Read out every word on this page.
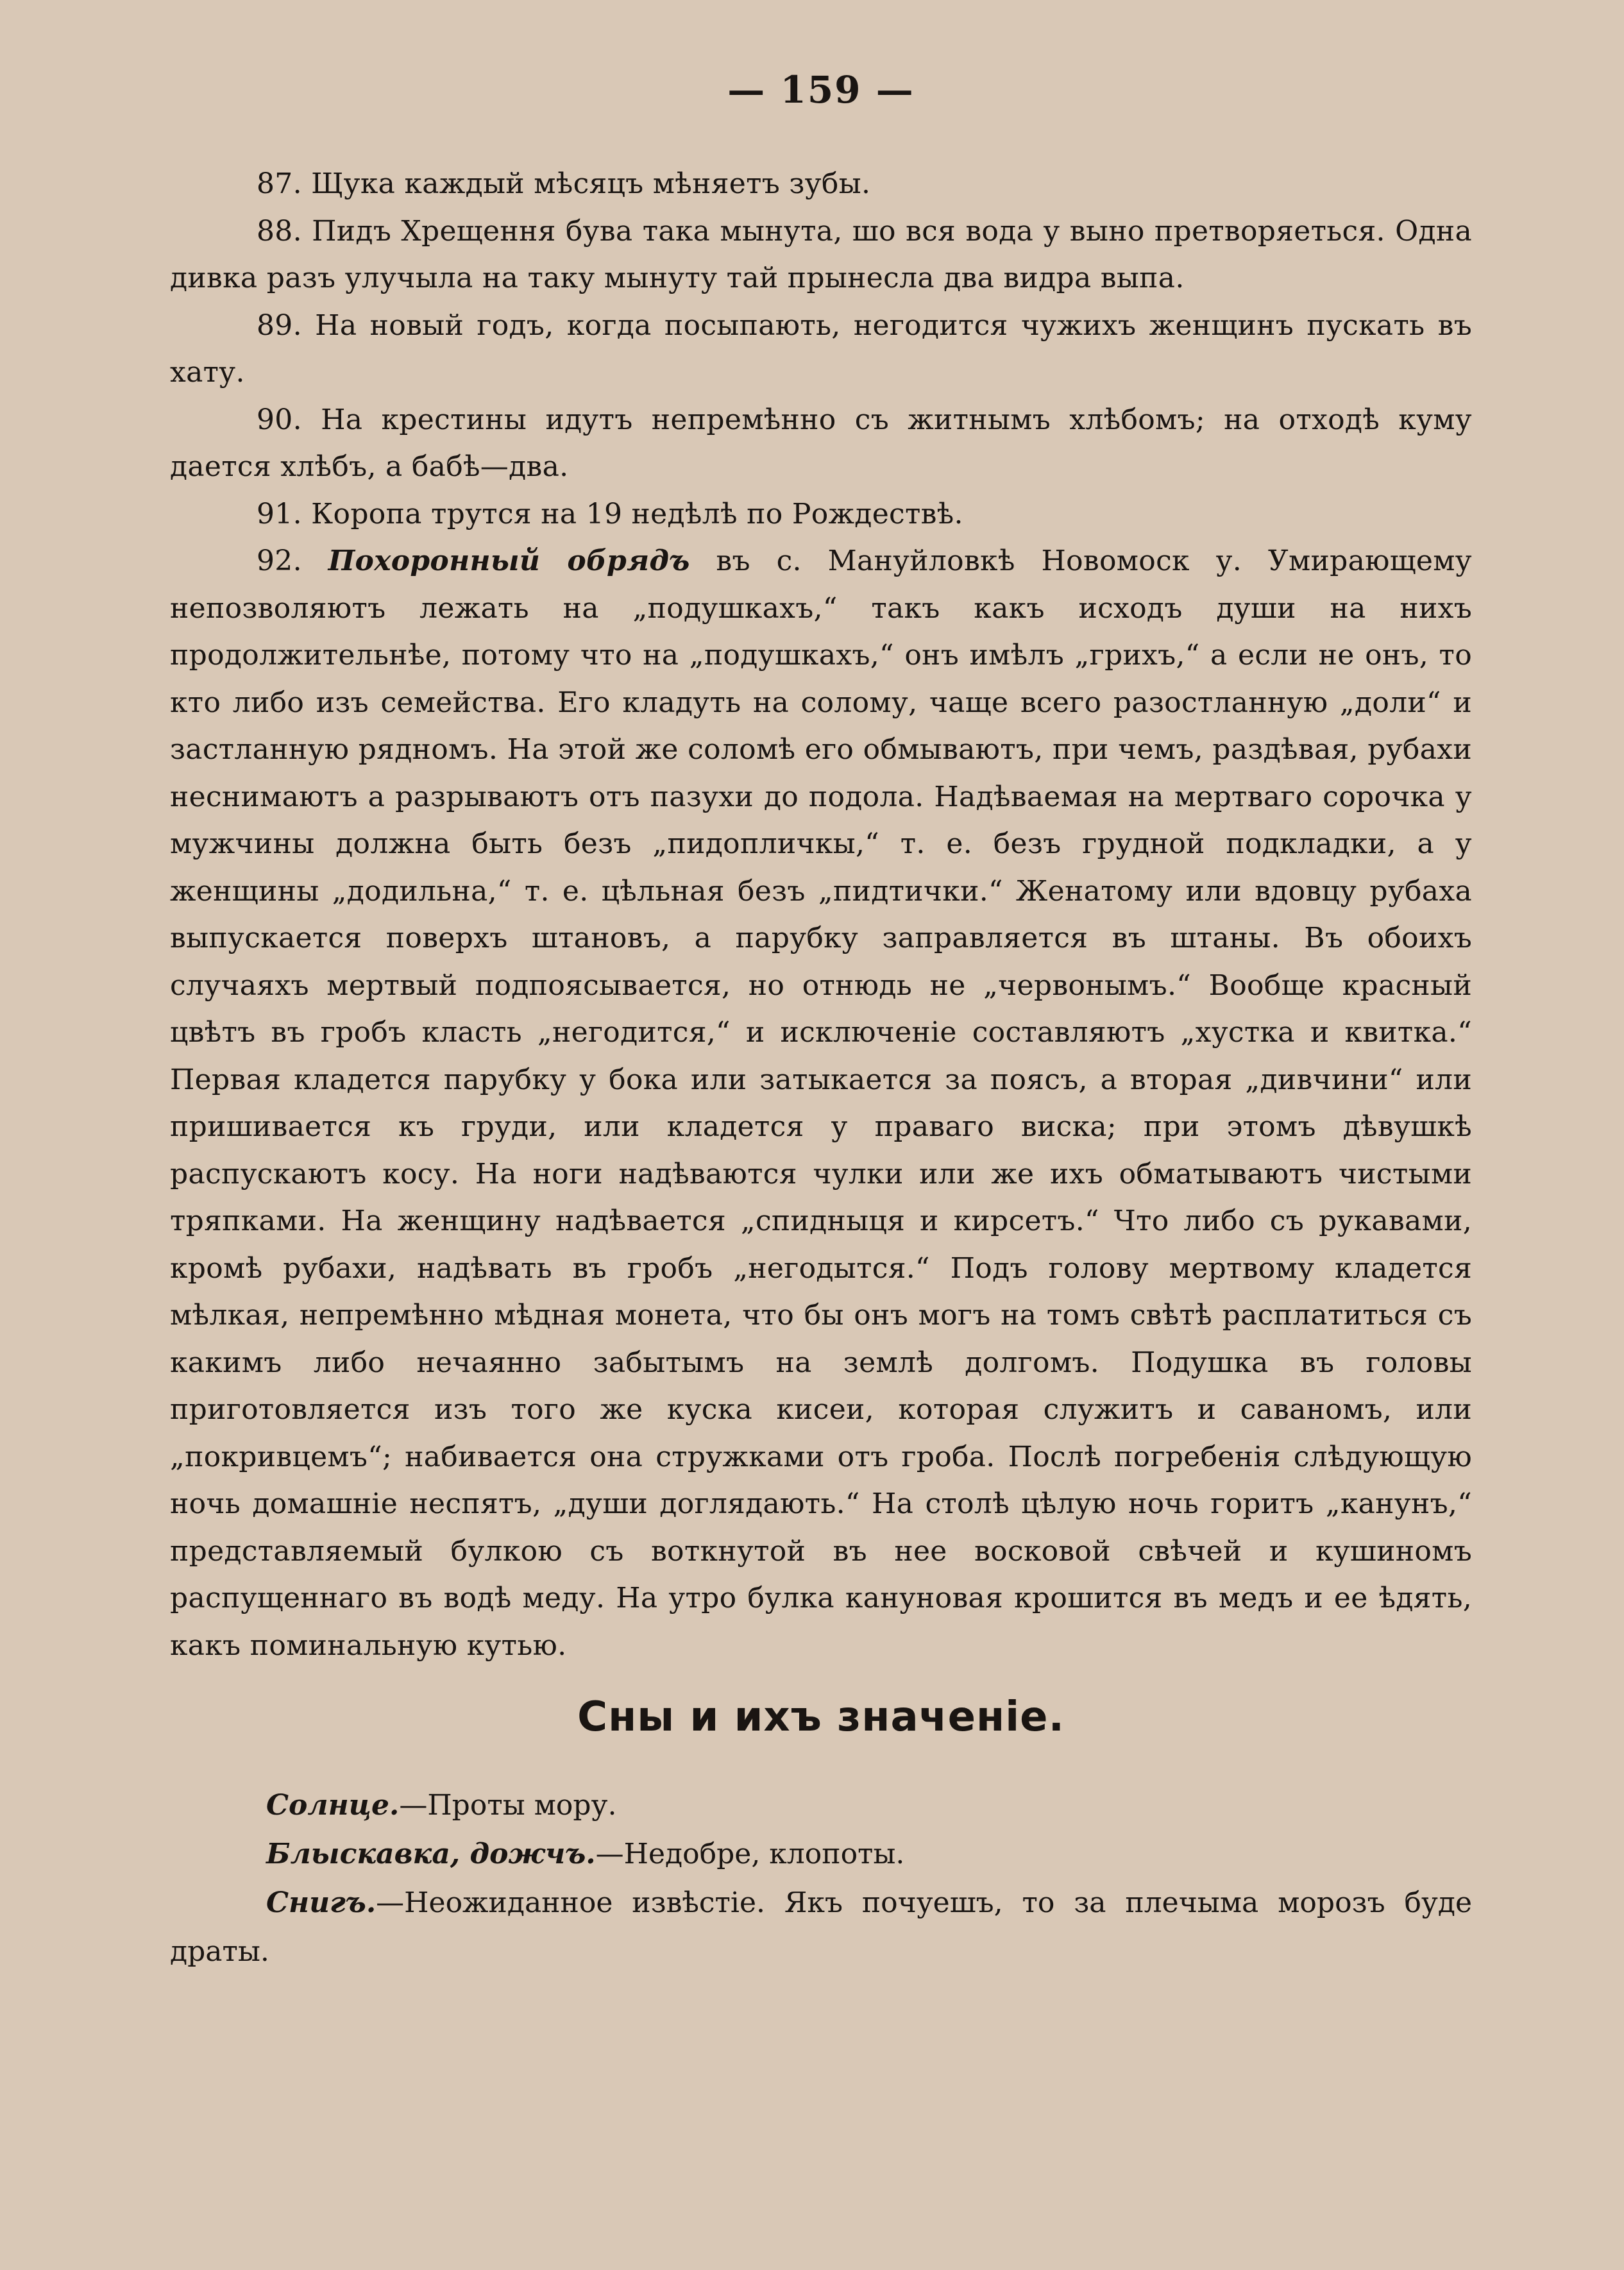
— 159 —

87. Щука каждый мѣсяцъ мѣняетъ зубы.

88. Пидъ Хрещення бува така мынута, шо вся вода у выно претворяеться. Одна дивка разъ улучыла на таку мынуту тай прынесла два видра выпа.

89. На новый годъ, когда посыпають, негодится чужихъ женщинъ пускать въ хату.

90. На крестины идутъ непремѣнно съ житнымъ хлѣбомъ; на отходѣ куму дается хлѣбъ, а бабѣ—два.

91. Коропа трутся на 19 недѣлѣ по Рождествѣ.

92. Похоронный обрядъ въ с. Мануйловкѣ Новомоск у. Умирающему непозволяютъ лежать на „подушкахъ,“ такъ какъ исходъ души на нихъ продолжительнѣе, потому что на „подушкахъ,“ онъ имѣлъ „грихъ,“ а если не онъ, то кто либо изъ семейства. Его кладуть на солому, чаще всего разостланную „доли“ и застланную рядномъ. На этой же соломѣ его обмываютъ, при чемъ, раздѣвая, рубахи неснимаютъ а разрываютъ отъ пазухи до подола. Надѣваемая на мертваго сорочка у мужчины должна быть безъ „пидопличкы,“ т. е. безъ грудной подкладки, а у женщины „додильна,“ т. е. цѣльная безъ „пидтички.“ Женатому или вдовцу рубаха выпускается поверхъ штановъ, а парубку заправляется въ штаны. Въ обоихъ случаяхъ мертвый подпоясывается, но отнюдь не „червонымъ.“ Вообще красный цвѣтъ въ гробъ класть „негодится,“ и исключеніе составляютъ „хустка и квитка.“ Первая кладется парубку у бока или затыкается за поясъ, а вторая „дивчини“ или пришивается къ груди, или кладется у праваго виска; при этомъ дѣвушкѣ распускаютъ косу. На ноги надѣваются чулки или же ихъ обматываютъ чистыми тряпками. На женщину надѣвается „спидныця и кирсетъ.“ Что либо съ рукавами, кромѣ рубахи, надѣвать въ гробъ „негодытся.“ Подъ голову мертвому кладется мѣлкая, непремѣнно мѣдная монета, что бы онъ могъ на томъ свѣтѣ расплатиться съ какимъ либо нечаянно забытымъ на землѣ долгомъ. Подушка въ головы приготовляется изъ того же куска кисеи, которая служитъ и саваномъ, или „покривцемъ“; набивается она стружками отъ гроба. Послѣ погребенія слѣдующую ночь домашніе неспятъ, „души доглядають.“ На столѣ цѣлую ночь горитъ „канунъ,“ представляемый булкою съ воткнутой въ нее восковой свѣчей и кушиномъ распущеннаго въ водѣ меду. На утро булка кануновая крошится въ медъ и ее ѣдять, какъ поминальную кутью.

Сны и ихъ значеніе.

Солнце.—Проты мору.

Блыскавка, дожчъ.—Недобре, клопоты.

Снигъ.—Неожиданное извѣстіе. Якъ почуешъ, то за плечыма морозъ буде драты.
